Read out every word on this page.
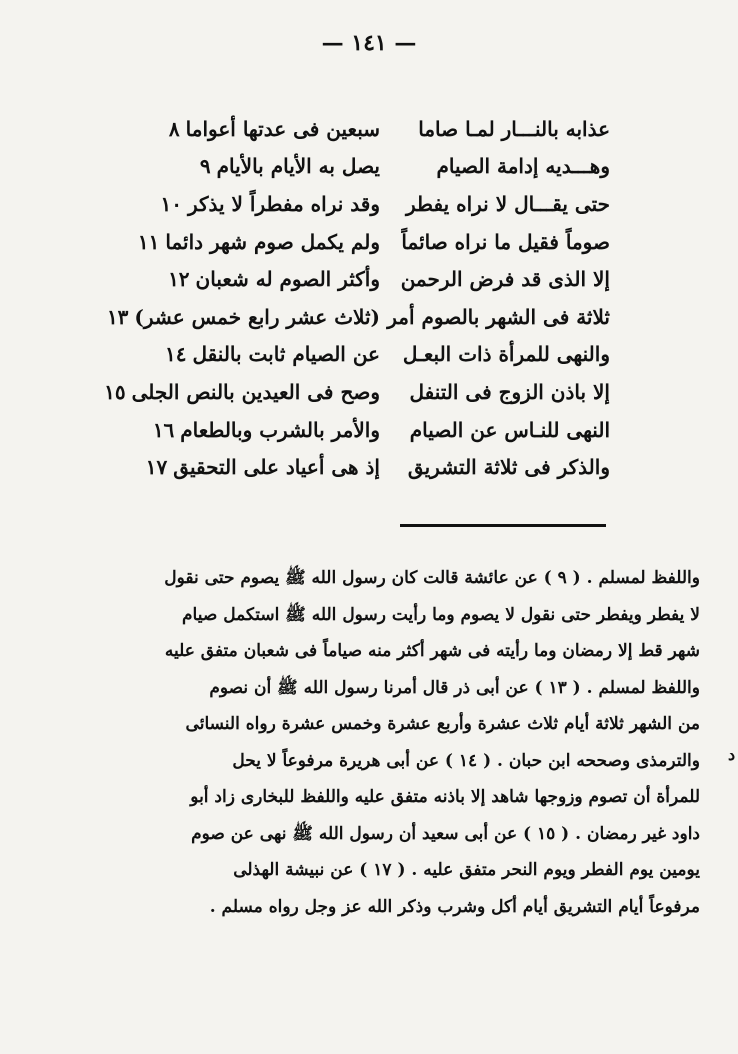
— ١٤١ —
عذابه بالنـــار لمـا صاما
سبعين فى عدتها أعواما
٨
وهـــديه إدامة الصيام
يصل به الأيام بالأيام
٩
حتى يقـــال لا نراه يفطر
وقد نراه مفطراً لا يذكر
١٠
صوماً فقيل ما نراه صائماً
ولم يكمل صوم شهر دائما
١١
إلا الذى قد فرض الرحمن
وأكثر الصوم له شعبان
١٢
ثلاثة فى الشهر بالصوم أمر
(ثلاث عشر رابع خمس عشر)
١٣
والنهى للمرأة ذات البعـل
عن الصيام ثابت بالنقل
١٤
إلا باذن الزوج فى التنفل
وصح فى العيدين بالنص الجلى
١٥
النهى للنـاس عن الصيام
والأمر بالشرب وبالطعام
١٦
والذكر فى ثلاثة التشريق
إذ هى أعياد على التحقيق
١٧
واللفظ لمسلم . ( ٩ ) عن عائشة قالت كان رسول الله ﷺ يصوم حتى نقول
لا يفطر ويفطر حتى نقول لا يصوم وما رأيت رسول الله ﷺ استكمل صيام
شهر قط إلا رمضان وما رأيته فى شهر أكثر منه صياماً فى شعبان متفق عليه
واللفظ لمسلم . ( ١٣ ) عن أبى ذر قال أمرنا رسول الله ﷺ أن نصوم
من الشهر ثلاثة أيام ثلاث عشرة وأربع عشرة وخمس عشرة رواه النسائى
والترمذى وصححه ابن حبان . ( ١٤ ) عن أبى هريرة مرفوعاً لا يحل
للمرأة أن تصوم وزوجها شاهد إلا باذنه متفق عليه واللفظ للبخارى زاد أبو
داود غير رمضان . ( ١٥ ) عن أبى سعيد أن رسول الله ﷺ نهى عن صوم
يومين يوم الفطر ويوم النحر متفق عليه . ( ١٧ ) عن نبيشة الهذلى
مرفوعاً أيام التشريق أيام أكل وشرب وذكر الله عز وجل رواه مسلم .
د
